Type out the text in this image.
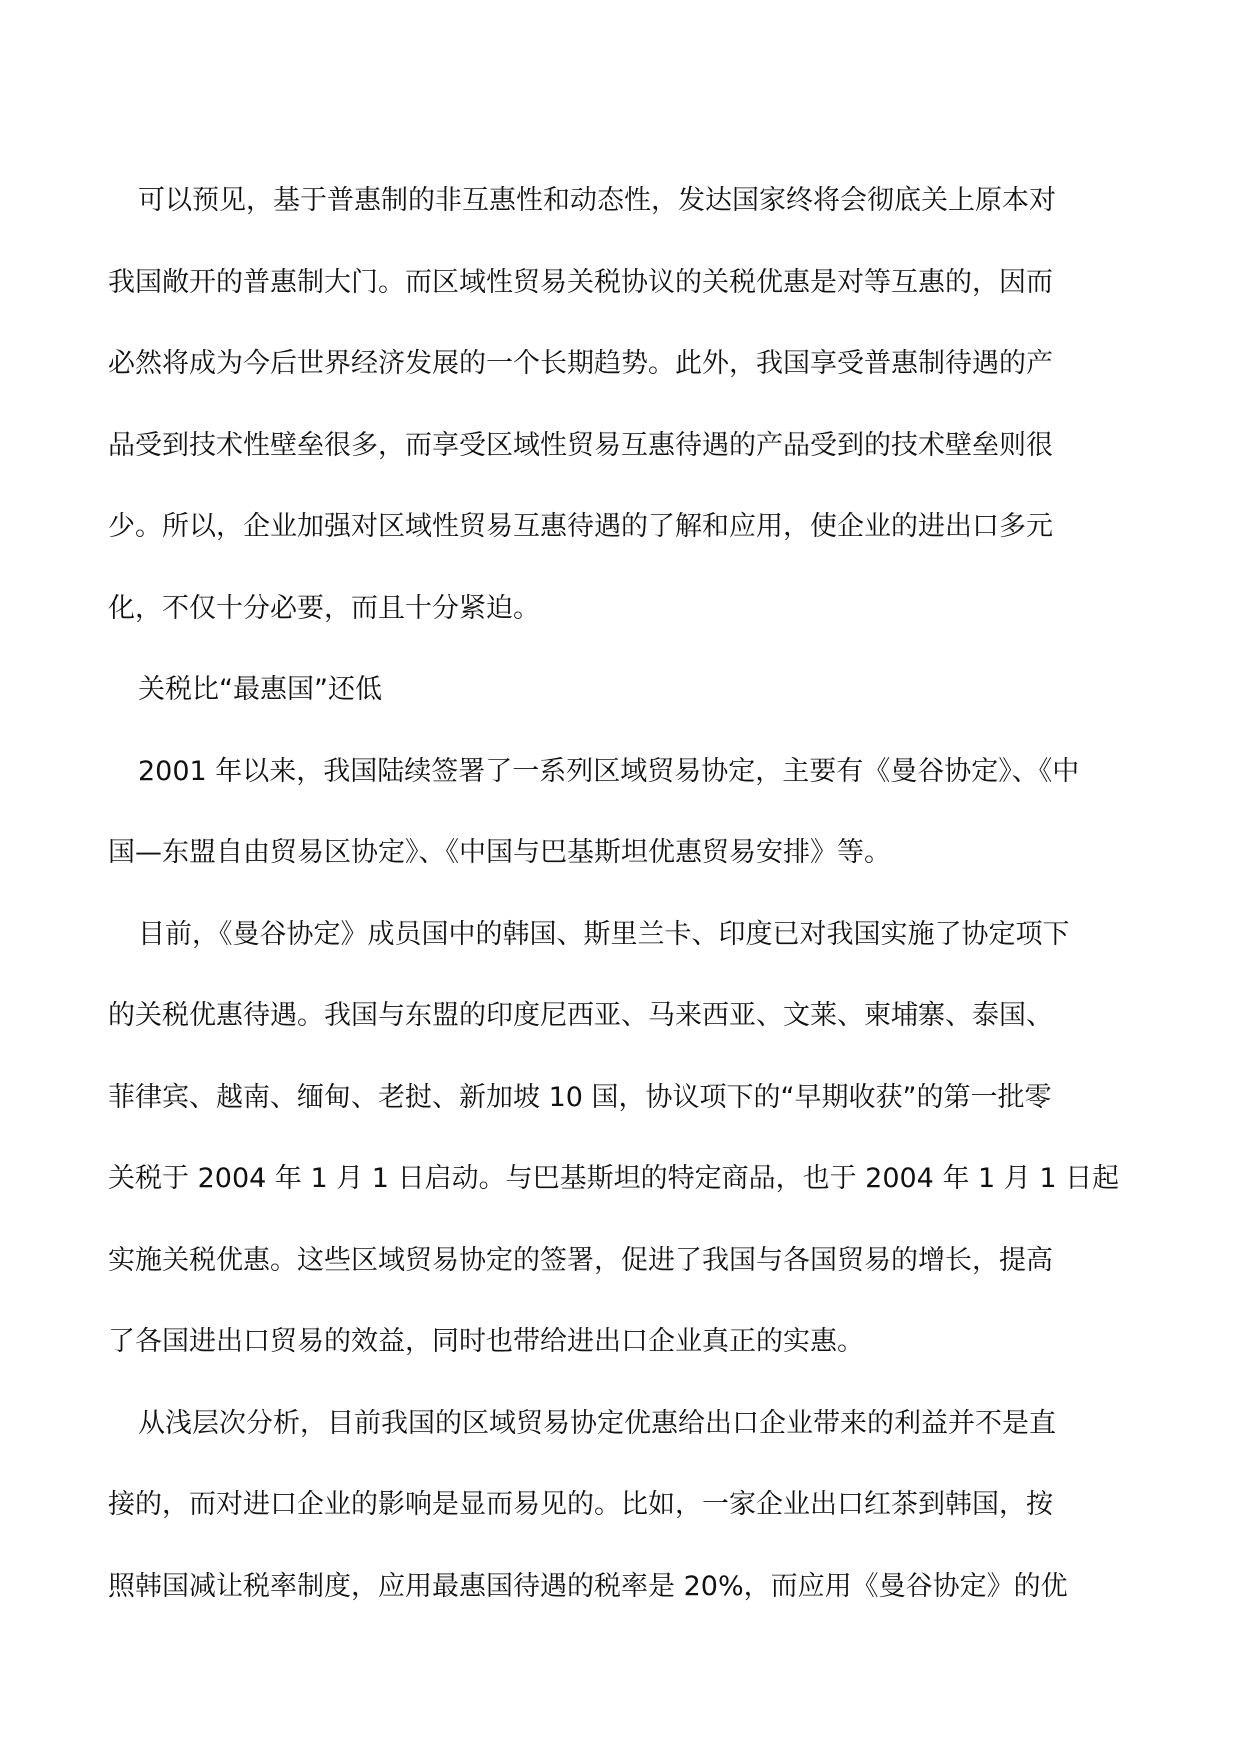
可以预见，基于普惠制的非互惠性和动态性，发达国家终将会彻底关上原本对
我国敞开的普惠制大门。而区域性贸易关税协议的关税优惠是对等互惠的，因而
必然将成为今后世界经济发展的一个长期趋势。此外，我国享受普惠制待遇的产
品受到技术性壁垒很多，而享受区域性贸易互惠待遇的产品受到的技术壁垒则很
少。所以，企业加强对区域性贸易互惠待遇的了解和应用，使企业的进出口多元
化，不仅十分必要，而且十分紧迫。
关税比“最惠国”还低
2001 年以来，我国陆续签署了一系列区域贸易协定，主要有《曼谷协定》、《中
国—东盟自由贸易区协定》、《中国与巴基斯坦优惠贸易安排》等。
目前，《曼谷协定》成员国中的韩国、斯里兰卡、印度已对我国实施了协定项下
的关税优惠待遇。我国与东盟的印度尼西亚、马来西亚、文莱、柬埔寨、泰国、
菲律宾、越南、缅甸、老挝、新加坡 10 国，协议项下的“早期收获”的第一批零
关税于 2004 年 1 月 1 日启动。与巴基斯坦的特定商品，也于 2004 年 1 月 1 日起
实施关税优惠。这些区域贸易协定的签署，促进了我国与各国贸易的增长，提高
了各国进出口贸易的效益，同时也带给进出口企业真正的实惠。
从浅层次分析，目前我国的区域贸易协定优惠给出口企业带来的利益并不是直
接的，而对进口企业的影响是显而易见的。比如，一家企业出口红茶到韩国，按
照韩国减让税率制度，应用最惠国待遇的税率是 20%，而应用《曼谷协定》的优
